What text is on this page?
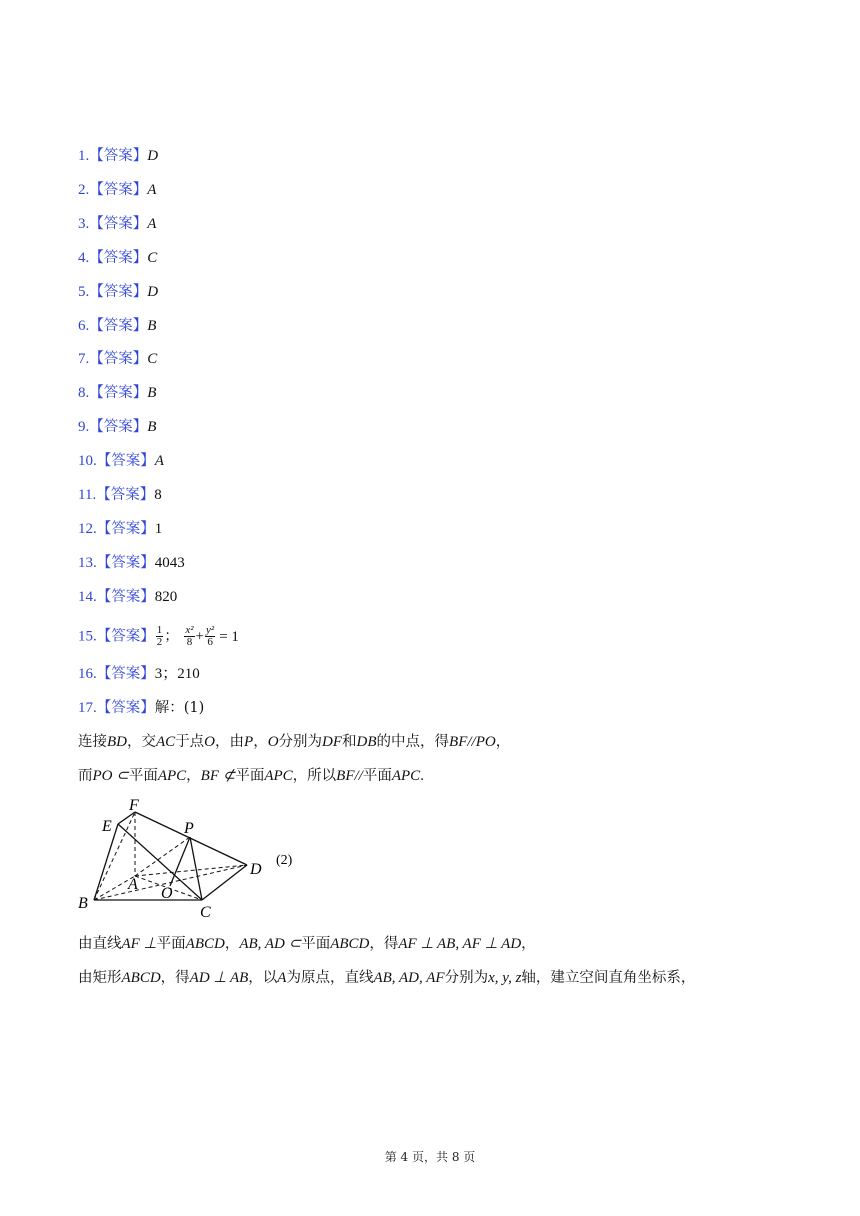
1.【答案】D
2.【答案】A
3.【答案】A
4.【答案】C
5.【答案】D
6.【答案】B
7.【答案】C
8.【答案】B
9.【答案】B
10.【答案】A
11.【答案】8
12.【答案】1
13.【答案】4043
14.【答案】820
15.【答案】 $\frac{1}{2}$ ； $\frac{\text{x²}}{8} + \frac{\text{y²}}{6} = 1$
16.【答案】3；210
17.【答案】解：(1)
连接BD，交AC于点O，由P，O分别为DF和DB的中点，得BF//PO，
而PO ⊂平面APC，BF ⊄平面APC，所以BF//平面APC.
F
E	P
D
A
O
B
C
(2)
由直线AF ⊥平面ABCD，AB, AD ⊂平面ABCD，得AF ⊥ AB, AF ⊥ AD，
由矩形ABCD，得AD ⊥ AB，以A为原点，直线AB, AD, AF分别为x, y, z轴，建立空间直角坐标系，
第 4 页，共 8 页
